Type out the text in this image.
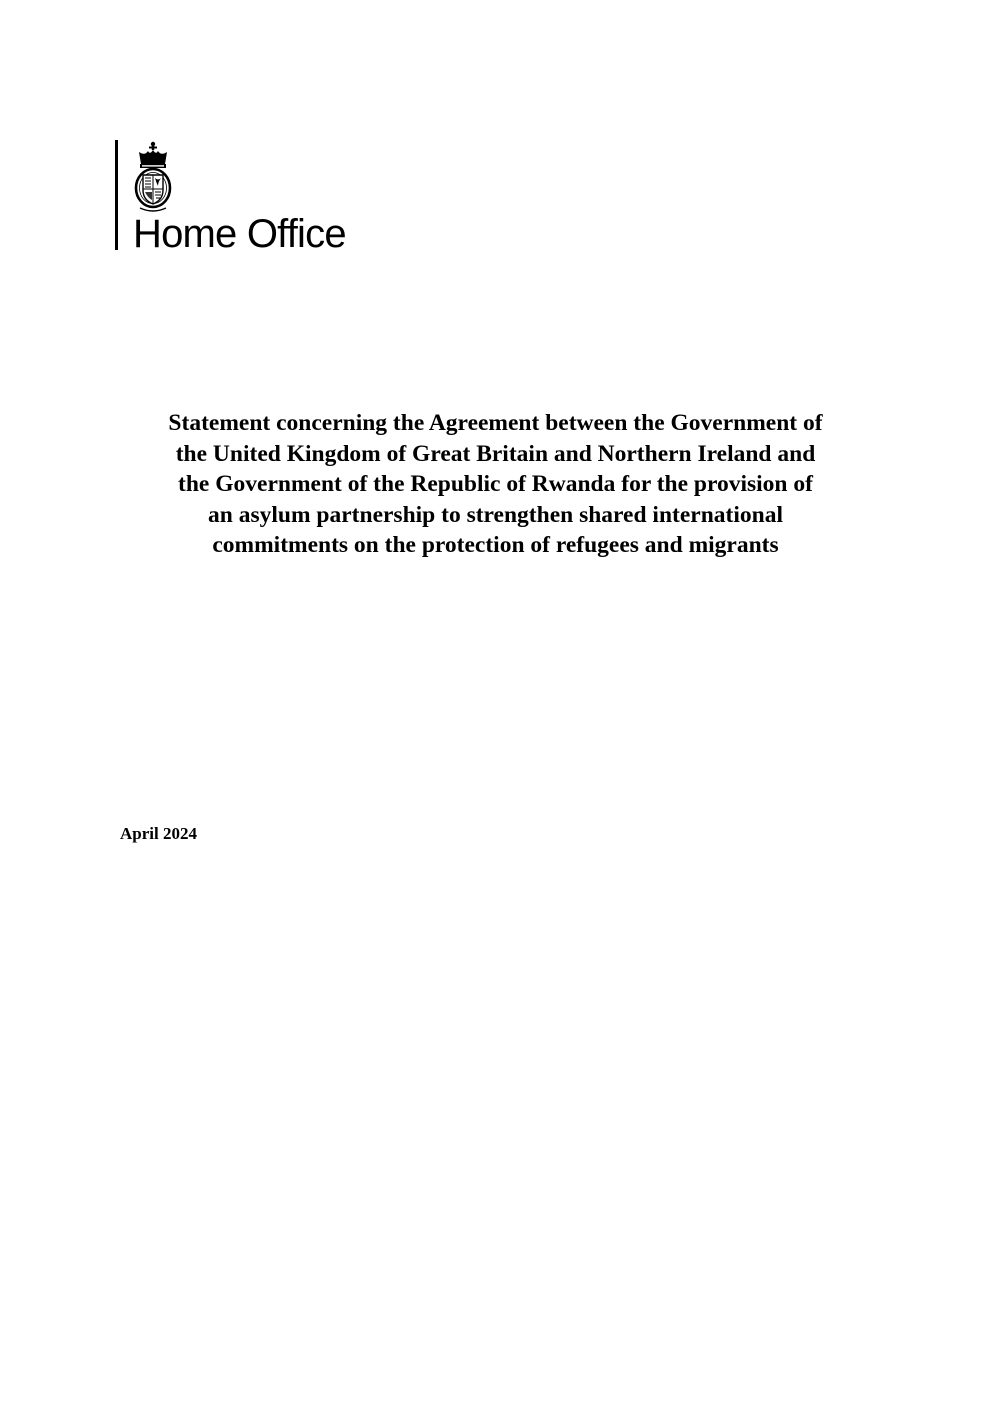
Home Office
Statement concerning the Agreement between the Government of
the United Kingdom of Great Britain and Northern Ireland and
the Government of the Republic of Rwanda for the provision of
an asylum partnership to strengthen shared international
commitments on the protection of refugees and migrants
April 2024
